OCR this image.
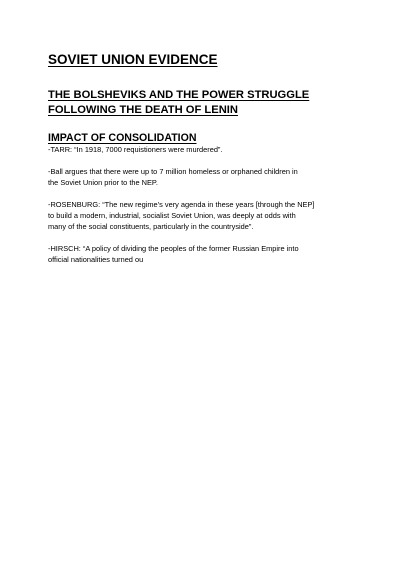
SOVIET UNION EVIDENCE
THE BOLSHEVIKS AND THE POWER STRUGGLE
FOLLOWING THE DEATH OF LENIN
IMPACT OF CONSOLIDATION

-TARR: “In 1918, 7000 requistioners were murdered”.

-Ball argues that there were up to 7 million homeless or orphaned children in
the Soviet Union prior to the NEP.

-ROSENBURG: “The new regime’s very agenda in these years [through the NEP]
to build a modern, industrial, socialist Soviet Union, was deeply at odds with
many of the social constituents, particularly in the countryside”.

-HIRSCH: “A policy of dividing the peoples of the former Russian Empire into
official nationalities turned ou
